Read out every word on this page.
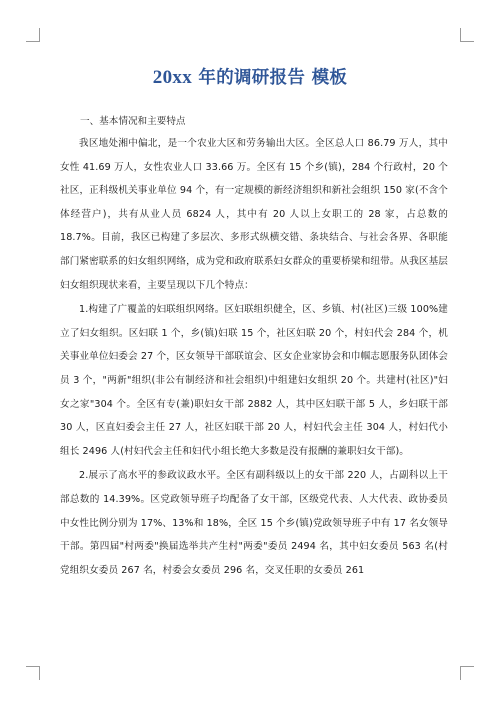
20xx 年的调研报告 模板
一、基本情况和主要特点

我区地处湘中偏北，是一个农业大区和劳务输出大区。全区总人口 86.79 万人，其中女性 41.69 万人，女性农业人口 33.66 万。全区有 15 个乡(镇)，284 个行政村，20 个社区，正科级机关事业单位 94 个，有一定规模的新经济组织和新社会组织 150 家(不含个体经营户)，共有从业人员 6824 人，其中有 20 人以上女职工的 28 家，占总数的 18.7%。目前，我区已构建了多层次、多形式纵横交错、条块结合、与社会各界、各职能部门紧密联系的妇女组织网络，成为党和政府联系妇女群众的重要桥梁和纽带。从我区基层妇女组织现状来看，主要呈现以下几个特点：

1.构建了广覆盖的妇联组织网络。区妇联组织健全，区、乡镇、村(社区)三级 100%建立了妇女组织。区妇联 1 个，乡(镇)妇联 15 个，社区妇联 20 个，村妇代会 284 个，机关事业单位妇委会 27 个，区女领导干部联谊会、区女企业家协会和巾帼志愿服务队团体会员 3 个，"两新"组织(非公有制经济和社会组织)中组建妇女组织 20 个。共建村(社区)"妇女之家"304 个。全区有专(兼)职妇女干部 2882 人，其中区妇联干部 5 人，乡妇联干部 30 人，区直妇委会主任 27 人，社区妇联干部 20 人，村妇代会主任 304 人，村妇代小组长 2496 人(村妇代会主任和妇代小组长绝大多数是没有报酬的兼职妇女干部)。

2.展示了高水平的参政议政水平。全区有副科级以上的女干部 220 人，占副科以上干部总数的 14.39%。区党政领导班子均配备了女干部，区级党代表、人大代表、政协委员中女性比例分别为 17%、13%和 18%，全区 15 个乡(镇)党政领导班子中有 17 名女领导干部。第四届"村两委"换届选举共产生村"两委"委员 2494 名，其中妇女委员 563 名(村党组织女委员 267 名，村委会女委员 296 名，交叉任职的女委员 261
